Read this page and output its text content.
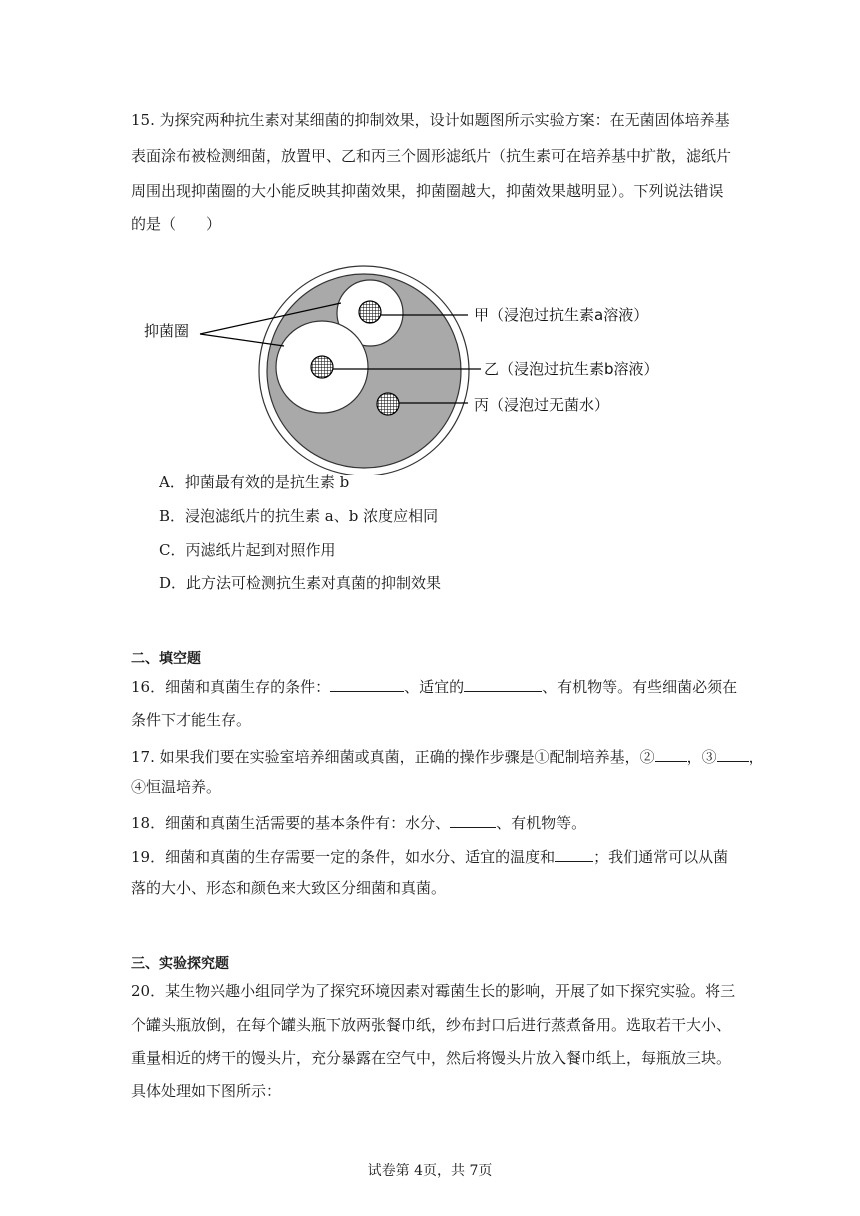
15. 为探究两种抗生素对某细菌的抑制效果，设计如题图所示实验方案：在无菌固体培养基
表面涂布被检测细菌，放置甲、乙和丙三个圆形滤纸片（抗生素可在培养基中扩散，滤纸片
周围出现抑菌圈的大小能反映其抑菌效果，抑菌圈越大，抑菌效果越明显）。下列说法错误
的是（　　）
抑菌圈
甲（浸泡过抗生素a溶液）
乙（浸泡过抗生素b溶液）
丙（浸泡过无菌水）
A．抑菌最有效的是抗生素 b
B．浸泡滤纸片的抗生素 a、b 浓度应相同
C．丙滤纸片起到对照作用
D．此方法可检测抗生素对真菌的抑制效果
二、填空题
16．细菌和真菌生存的条件：	、适宜的	、有机物等。有些细菌必须在
条件下才能生存。
17. 如果我们要在实验室培养细菌或真菌，正确的操作步骤是①配制培养基，② ，③ ，
④恒温培养。
18．细菌和真菌生活需要的基本条件有：水分、	、有机物等。
19．细菌和真菌的生存需要一定的条件，如水分、适宜的温度和	；我们通常可以从菌
落的大小、形态和颜色来大致区分细菌和真菌。
三、实验探究题
20．某生物兴趣小组同学为了探究环境因素对霉菌生长的影响，开展了如下探究实验。将三
个罐头瓶放倒，在每个罐头瓶下放两张餐巾纸，纱布封口后进行蒸煮备用。选取若干大小、
重量相近的烤干的馒头片，充分暴露在空气中，然后将馒头片放入餐巾纸上，每瓶放三块。
具体处理如下图所示：
试卷第 4页，共 7页
